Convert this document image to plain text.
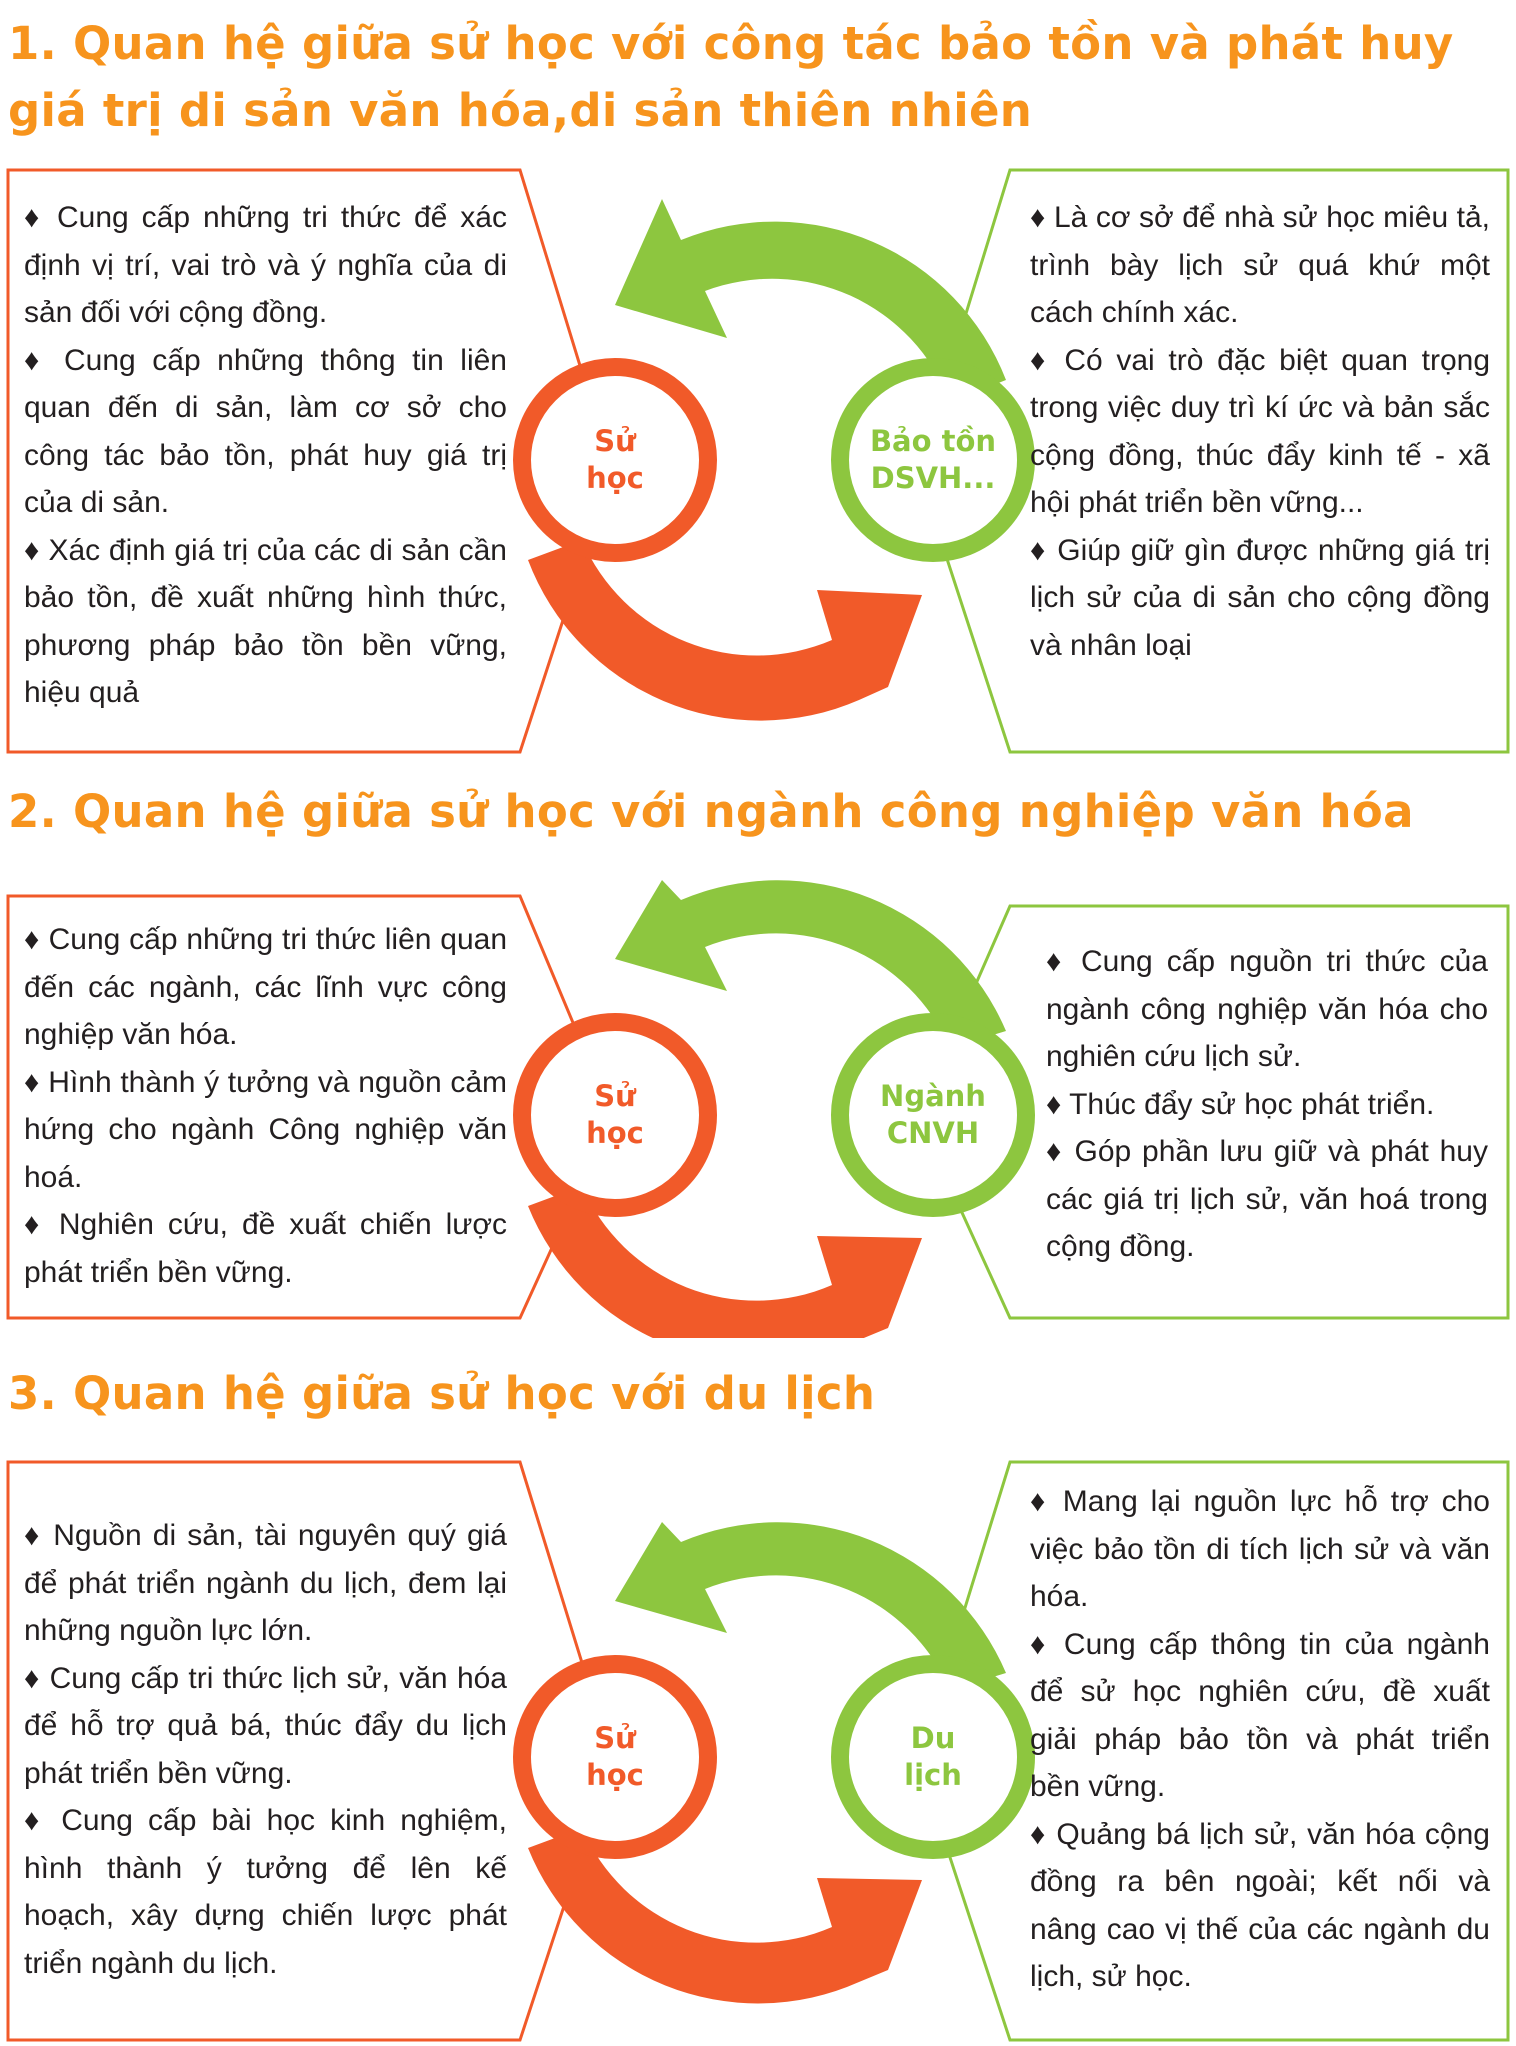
1. Quan hệ giữa sử học với công tác bảo tồn và phát huy
giá trị di sản văn hóa,di sản thiên nhiên
Sử
học
Bảo tồn
DSVH...
♦ Cung cấp những tri thức để xác định vị trí, vai trò và ý nghĩa của di sản đối với cộng đồng.
♦ Cung cấp những thông tin liên quan đến di sản, làm cơ sở cho công tác bảo tồn, phát huy giá trị của di sản.
♦ Xác định giá trị của các di sản cần bảo tồn, đề xuất những hình thức, phương pháp bảo tồn bền vững, hiệu quả
♦ Là cơ sở để nhà sử học miêu tả, trình bày lịch sử quá khứ một cách chính xác.
♦ Có vai trò đặc biệt quan trọng trong việc duy trì kí ức và bản sắc cộng đồng, thúc đẩy kinh tế - xã hội phát triển bền vững...
♦ Giúp giữ gìn được những giá trị lịch sử của di sản cho cộng đồng và nhân loại
2. Quan hệ giữa sử học với ngành công nghiệp văn hóa
Sử
học
Ngành
CNVH
♦ Cung cấp những tri thức liên quan đến các ngành, các lĩnh vực công nghiệp văn hóa.
♦ Hình thành ý tưởng và nguồn cảm hứng cho ngành Công nghiệp văn hoá.
♦ Nghiên cứu, đề xuất chiến lược phát triển bền vững.
♦ Cung cấp nguồn tri thức của ngành công nghiệp văn hóa cho nghiên cứu lịch sử.
♦ Thúc đẩy sử học phát triển.
♦ Góp phần lưu giữ và phát huy các giá trị lịch sử, văn hoá trong cộng đồng.
3. Quan hệ giữa sử học với du lịch
Sử
học
Du
lịch
♦ Nguồn di sản, tài nguyên quý giá để phát triển ngành du lịch, đem lại những nguồn lực lớn.
♦ Cung cấp tri thức lịch sử, văn hóa để hỗ trợ quả bá, thúc đẩy du lịch phát triển bền vững.
♦ Cung cấp bài học kinh nghiệm, hình thành ý tưởng để lên kế hoạch, xây dựng chiến lược phát triển ngành du lịch.
♦ Mang lại nguồn lực hỗ trợ cho việc bảo tồn di tích lịch sử và văn hóa.
♦ Cung cấp thông tin của ngành để sử học nghiên cứu, đề xuất giải pháp bảo tồn và phát triển bền vững.
♦ Quảng bá lịch sử, văn hóa cộng đồng ra bên ngoài; kết nối và nâng cao vị thế của các ngành du lịch, sử học.
